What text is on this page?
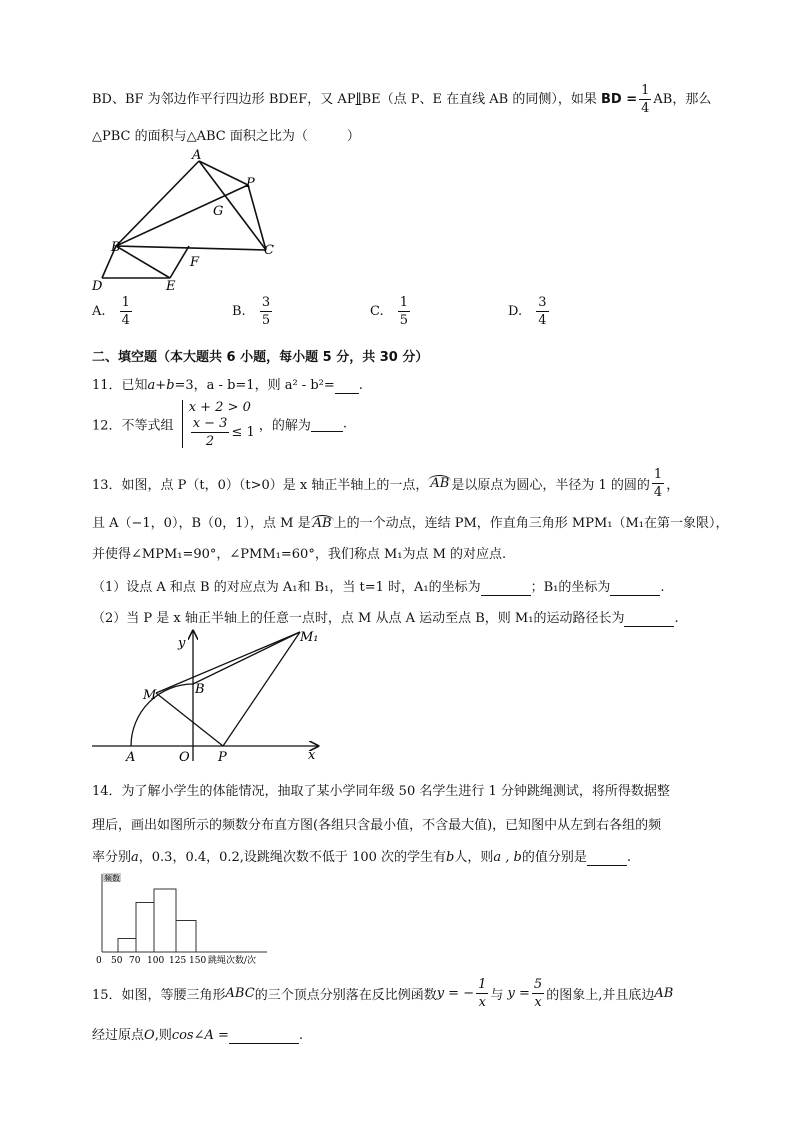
BD、BF 为邻边作平行四边形 BDEF，又 AP∥BE（点 P、E 在直线 AB 的同侧），如果 BD = $\frac{1}{4}$ AB，那么
△PBC 的面积与△ABC 面积之比为（　　　）
A
P
G
B	C
D	E
F
A. $\frac{1}{4}$	B. $\frac{3}{5}$	C. $\frac{1}{5}$	D. $\frac{3}{4}$
二、填空题（本大题共 6 小题，每小题 5 分，共 30 分）
11．已知a+b=3，a - b=1，则 a² - b²= .
12．不等式组
x + 2 > 0
$\frac{x - 3}{2} \le 1$ ，的解为 .
13．如图，点 P（t，0）（t>0）是 x 轴正半轴上的一点， AB 是以原点为圆心，半径为 1 的圆的 $\frac{1}{4}$ ，
且 A（−1，0），B（0，1），点 M 是 AB 上的一个动点，连结 PM，作直角三角形 MPM₁（M₁在第一象限），
并使得∠MPM₁=90°，∠PMM₁=60°，我们称点 M₁为点 M 的对应点.
（1）设点 A 和点 B 的对应点为 A₁和 B₁，当 t=1 时，A₁的坐标为	；B₁的坐标为	.
（2）当 P 是 x 轴正半轴上的任意一点时，点 M 从点 A 运动至点 B，则 M₁的运动路径长为	.
y	M₁
M	B
A	O P	x
14．为了解小学生的体能情况，抽取了某小学同年级 50 名学生进行 1 分钟跳绳测试，将所得数据整
理后，画出如图所示的频数分布直方图(各组只含最小值，不含最大值)，已知图中从左到右各组的频
率分别a，0.3，0.4，0.2,设跳绳次数不低于 100 次的学生有b人，则a , b的值分别是	.
0 50 70 100 125 150
频数
跳绳次数/次
15．如图，等腰三角形ABC的三个顶点分别落在反比例函数y = − $\frac{1}{x}$ 与 $y = \frac{5}{x}$ 的图象上,并且底边AB
经过原点O,则cos∠A =	.
